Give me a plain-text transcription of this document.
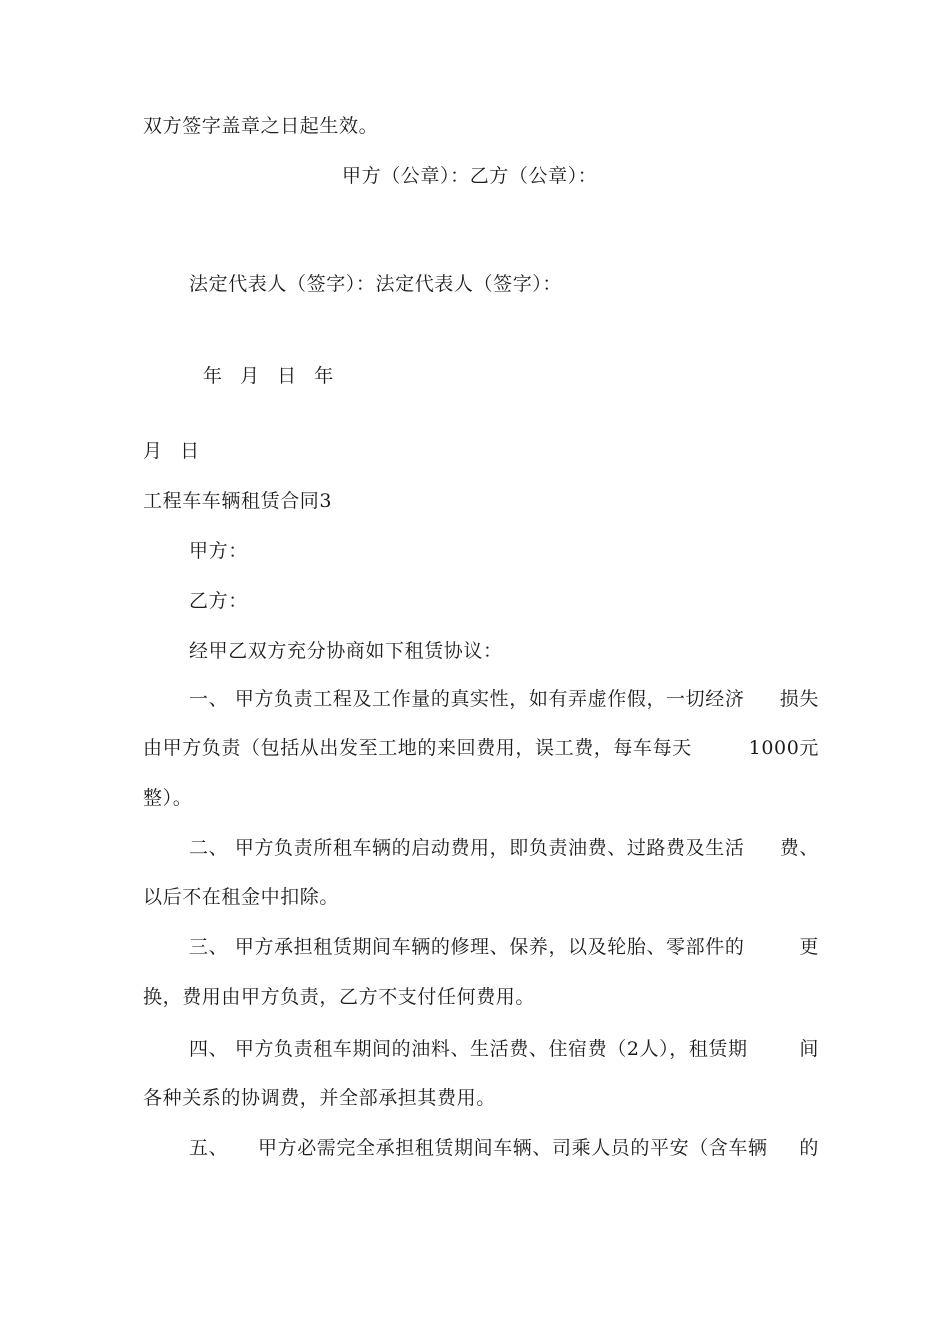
双方签字盖章之日起生效。
甲方（公章）：乙方（公章）：
法定代表人（签字）：法定代表人（签字）：
年  月  日  年
月  日
工程车车辆租赁合同3
甲方：
乙方：
经甲乙双方充分协商如下租赁协议：
一、 甲方负责工程及工作量的真实性，如有弄虚作假，一切经济 损失
由甲方负责（包括从出发至工地的来回费用，误工费，每车每天	1000元
整）。
二、 甲方负责所租车辆的启动费用，即负责油费、过路费及生活 费、
以后不在租金中扣除。
三、 甲方承担租赁期间车辆的修理、保养，以及轮胎、零部件的	更
换，费用由甲方负责，乙方不支付任何费用。
四、 甲方负责租车期间的油料、生活费、住宿费（2人），租赁期	间
各种关系的协调费，并全部承担其费用。
五、 甲方必需完全承担租赁期间车辆、司乘人员的平安（含车辆 的
